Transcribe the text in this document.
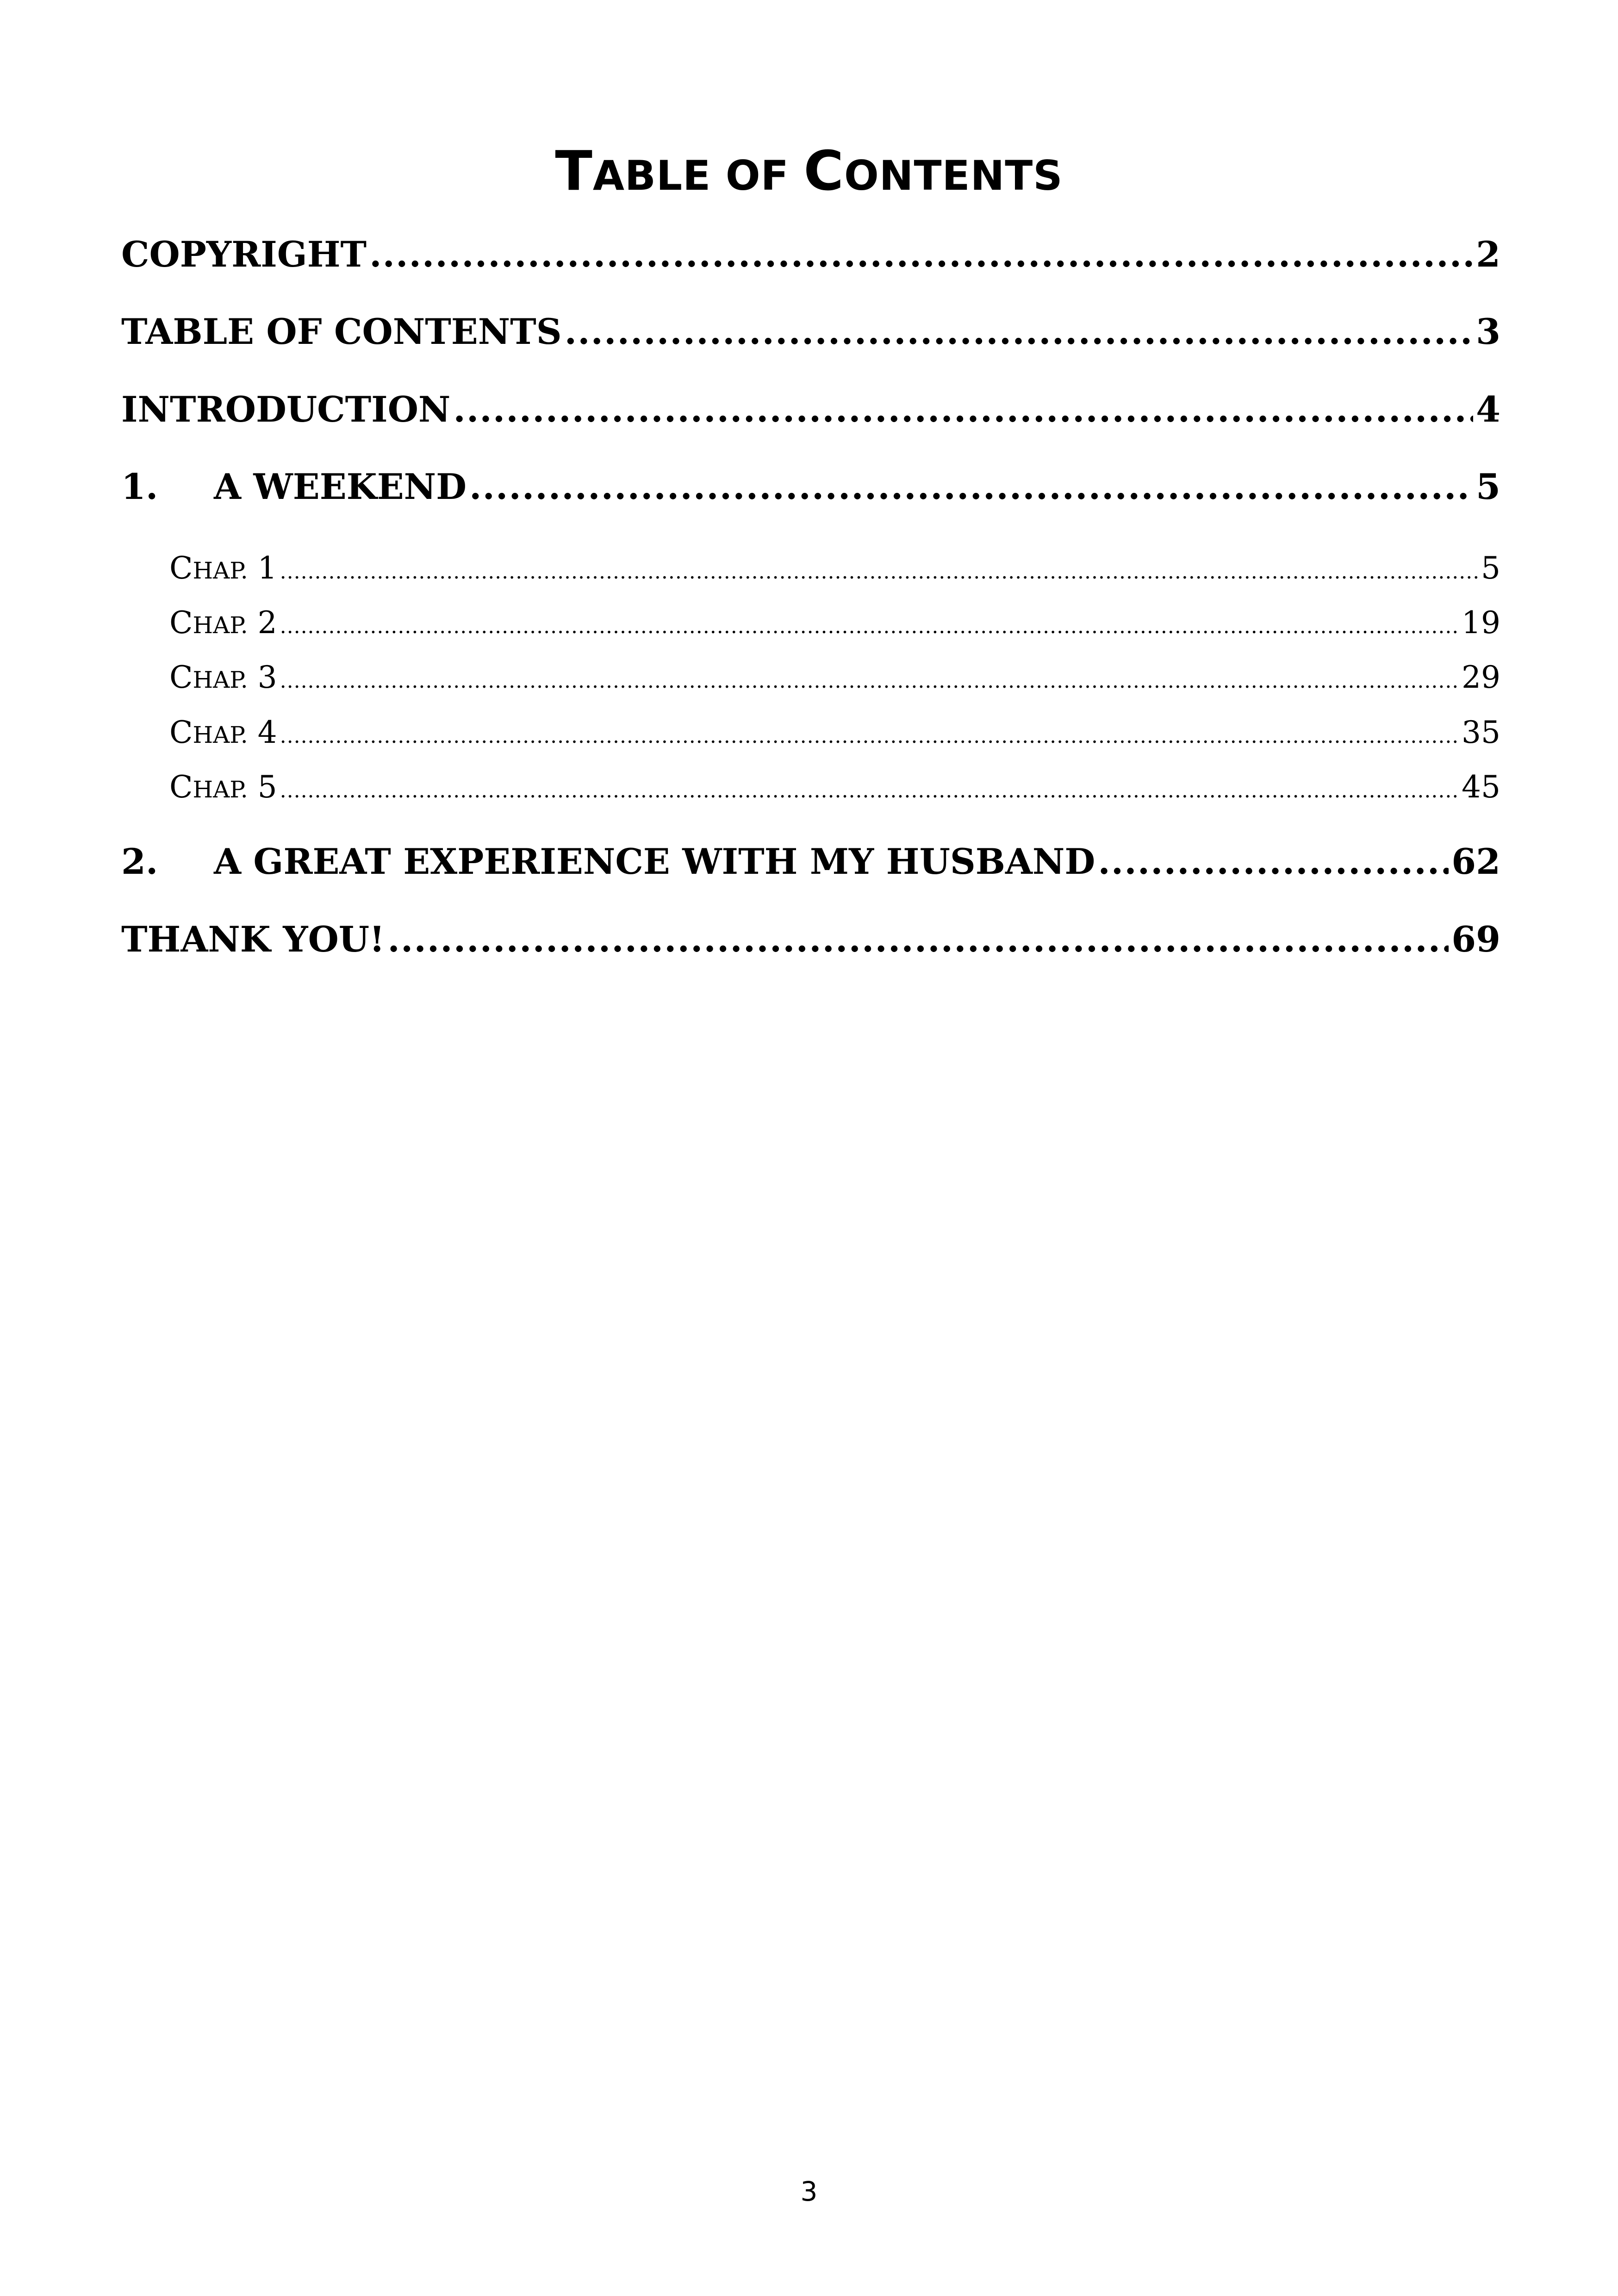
TABLE OF CONTENTS
COPYRIGHT .....	2
TABLE OF CONTENTS .....	3
INTRODUCTION .....	4
1.	A WEEKEND .....	5
CHAP. 1 .....	5
CHAP. 2 .....	19
CHAP. 3 .....	29
CHAP. 4 .....	35
CHAP. 5 .....	45
2.	A GREAT EXPERIENCE WITH MY HUSBAND .....	62
THANK YOU! .....	69
3
